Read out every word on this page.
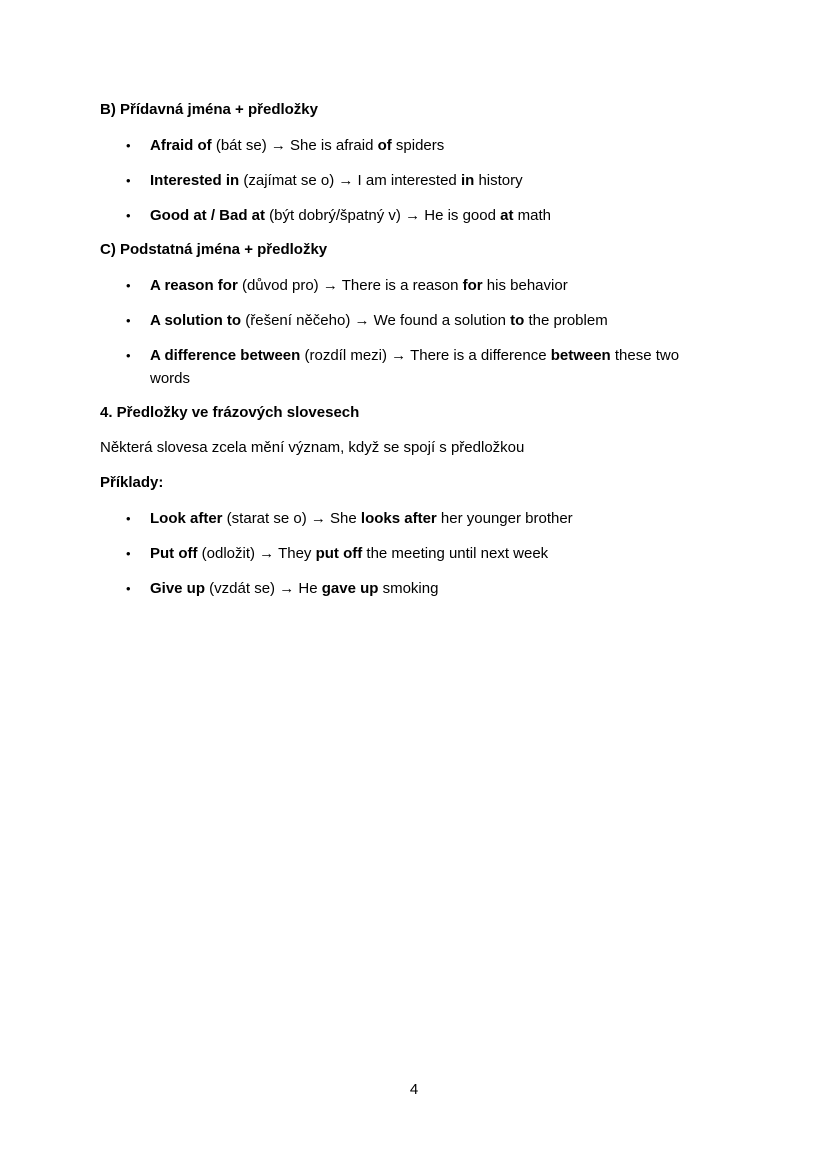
B) Přídavná jména + předložky

• Afraid of (bát se) → She is afraid of spiders
• Interested in (zajímat se o) → I am interested in history
• Good at / Bad at (být dobrý/špatný v) → He is good at math

C) Podstatná jména + předložky

• A reason for (důvod pro) → There is a reason for his behavior
• A solution to (řešení něčeho) → We found a solution to the problem
• A difference between (rozdíl mezi) → There is a difference between these two words

4. Předložky ve frázových slovesech

Některá slovesa zcela mění význam, když se spojí s předložkou

Příklady:

• Look after (starat se o) → She looks after her younger brother
• Put off (odložit) → They put off the meeting until next week
• Give up (vzdát se) → He gave up smoking
4
